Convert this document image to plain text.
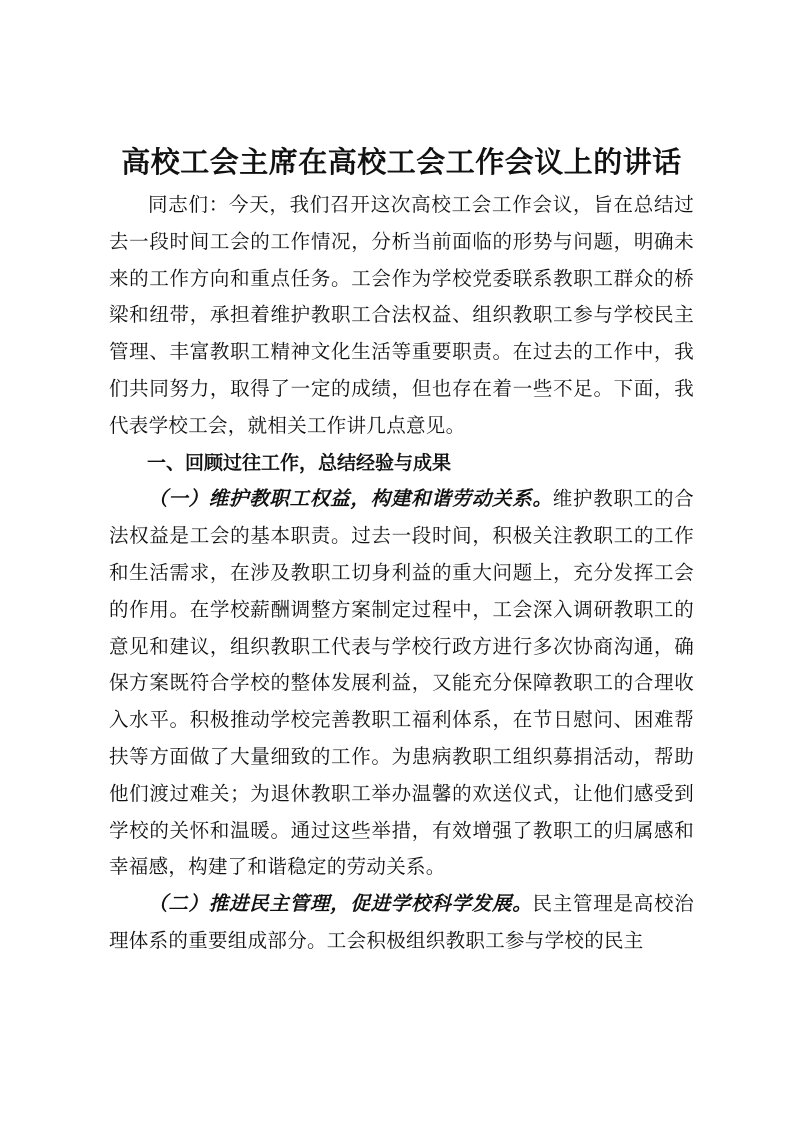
高校工会主席在高校工会工作会议上的讲话

同志们：今天，我们召开这次高校工会工作会议，旨在总结过去一段时间工会的工作情况，分析当前面临的形势与问题，明确未来的工作方向和重点任务。工会作为学校党委联系教职工群众的桥梁和纽带，承担着维护教职工合法权益、组织教职工参与学校民主管理、丰富教职工精神文化生活等重要职责。在过去的工作中，我们共同努力，取得了一定的成绩，但也存在着一些不足。下面，我代表学校工会，就相关工作讲几点意见。

一、回顾过往工作，总结经验与成果

（一）维护教职工权益，构建和谐劳动关系。维护教职工的合法权益是工会的基本职责。过去一段时间，积极关注教职工的工作和生活需求，在涉及教职工切身利益的重大问题上，充分发挥工会的作用。在学校薪酬调整方案制定过程中，工会深入调研教职工的意见和建议，组织教职工代表与学校行政方进行多次协商沟通，确保方案既符合学校的整体发展利益，又能充分保障教职工的合理收入水平。积极推动学校完善教职工福利体系，在节日慰问、困难帮扶等方面做了大量细致的工作。为患病教职工组织募捐活动，帮助他们渡过难关；为退休教职工举办温馨的欢送仪式，让他们感受到学校的关怀和温暖。通过这些举措，有效增强了教职工的归属感和幸福感，构建了和谐稳定的劳动关系。

（二）推进民主管理，促进学校科学发展。民主管理是高校治理体系的重要组成部分。工会积极组织教职工参与学校的民主
